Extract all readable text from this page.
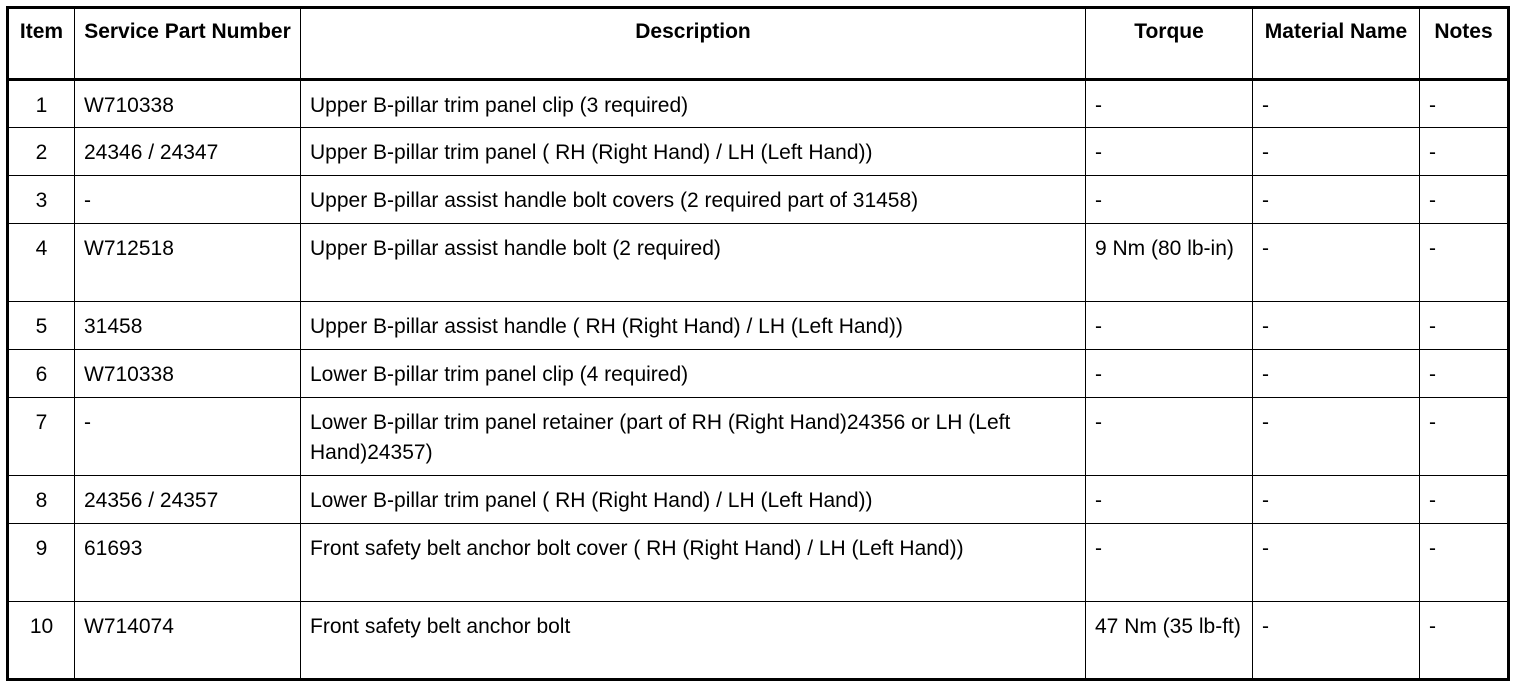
Item	Service Part Number	Description	Torque	Material Name	Notes
1	W710338	Upper B-pillar trim panel clip (3 required)	-	-	-
2	24346 / 24347	Upper B-pillar trim panel ( RH (Right Hand) / LH (Left Hand))	-	-	-
3	-	Upper B-pillar assist handle bolt covers (2 required part of 31458)	-	-	-
4	W712518	Upper B-pillar assist handle bolt (2 required)	9 Nm (80 lb-in)	-	-
5	31458	Upper B-pillar assist handle ( RH (Right Hand) / LH (Left Hand))	-	-	-
6	W710338	Lower B-pillar trim panel clip (4 required)	-	-	-
7	-	Lower B-pillar trim panel retainer (part of RH (Right Hand)24356 or LH (Left Hand)24357)	-	-	-
8	24356 / 24357	Lower B-pillar trim panel ( RH (Right Hand) / LH (Left Hand))	-	-	-
9	61693	Front safety belt anchor bolt cover ( RH (Right Hand) / LH (Left Hand))	-	-	-
10	W714074	Front safety belt anchor bolt	47 Nm (35 lb-ft)	-	-
